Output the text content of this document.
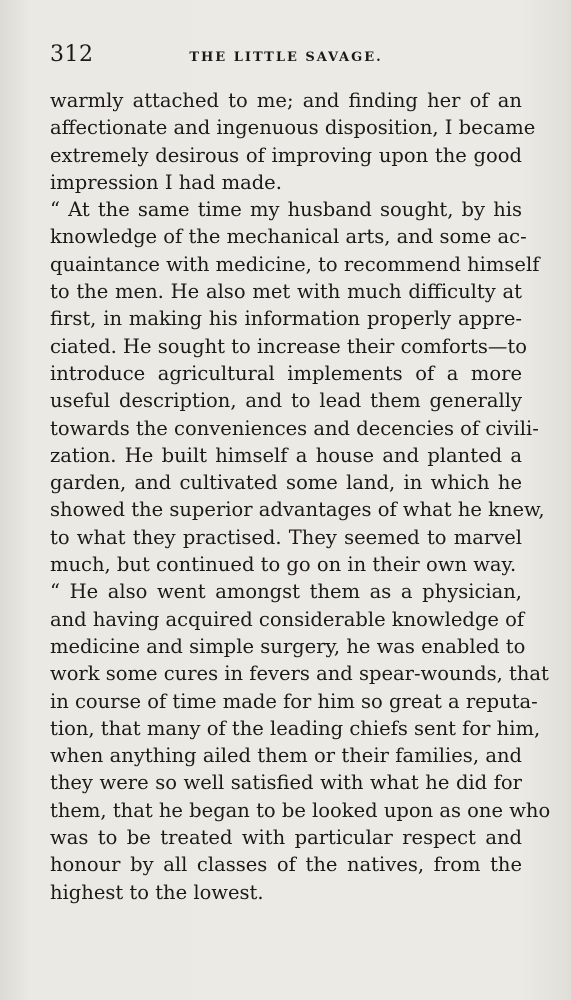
312	THE LITTLE SAVAGE.
warmly attached to me; and finding her of an
affectionate and ingenuous disposition, I became
extremely desirous of improving upon the good
impression I had made.
“ At the same time my husband sought, by his
knowledge of the mechanical arts, and some ac-
quaintance with medicine, to recommend himself
to the men. He also met with much difficulty at
first, in making his information properly appre-
ciated. He sought to increase their comforts—to
introduce agricultural implements of a more
useful description, and to lead them generally
towards the conveniences and decencies of civili-
zation. He built himself a house and planted a
garden, and cultivated some land, in which he
showed the superior advantages of what he knew,
to what they practised. They seemed to marvel
much, but continued to go on in their own way.
“ He also went amongst them as a physician,
and having acquired considerable knowledge of
medicine and simple surgery, he was enabled to
work some cures in fevers and spear-wounds, that
in course of time made for him so great a reputa-
tion, that many of the leading chiefs sent for him,
when anything ailed them or their families, and
they were so well satisfied with what he did for
them, that he began to be looked upon as one who
was to be treated with particular respect and
honour by all classes of the natives, from the
highest to the lowest.
